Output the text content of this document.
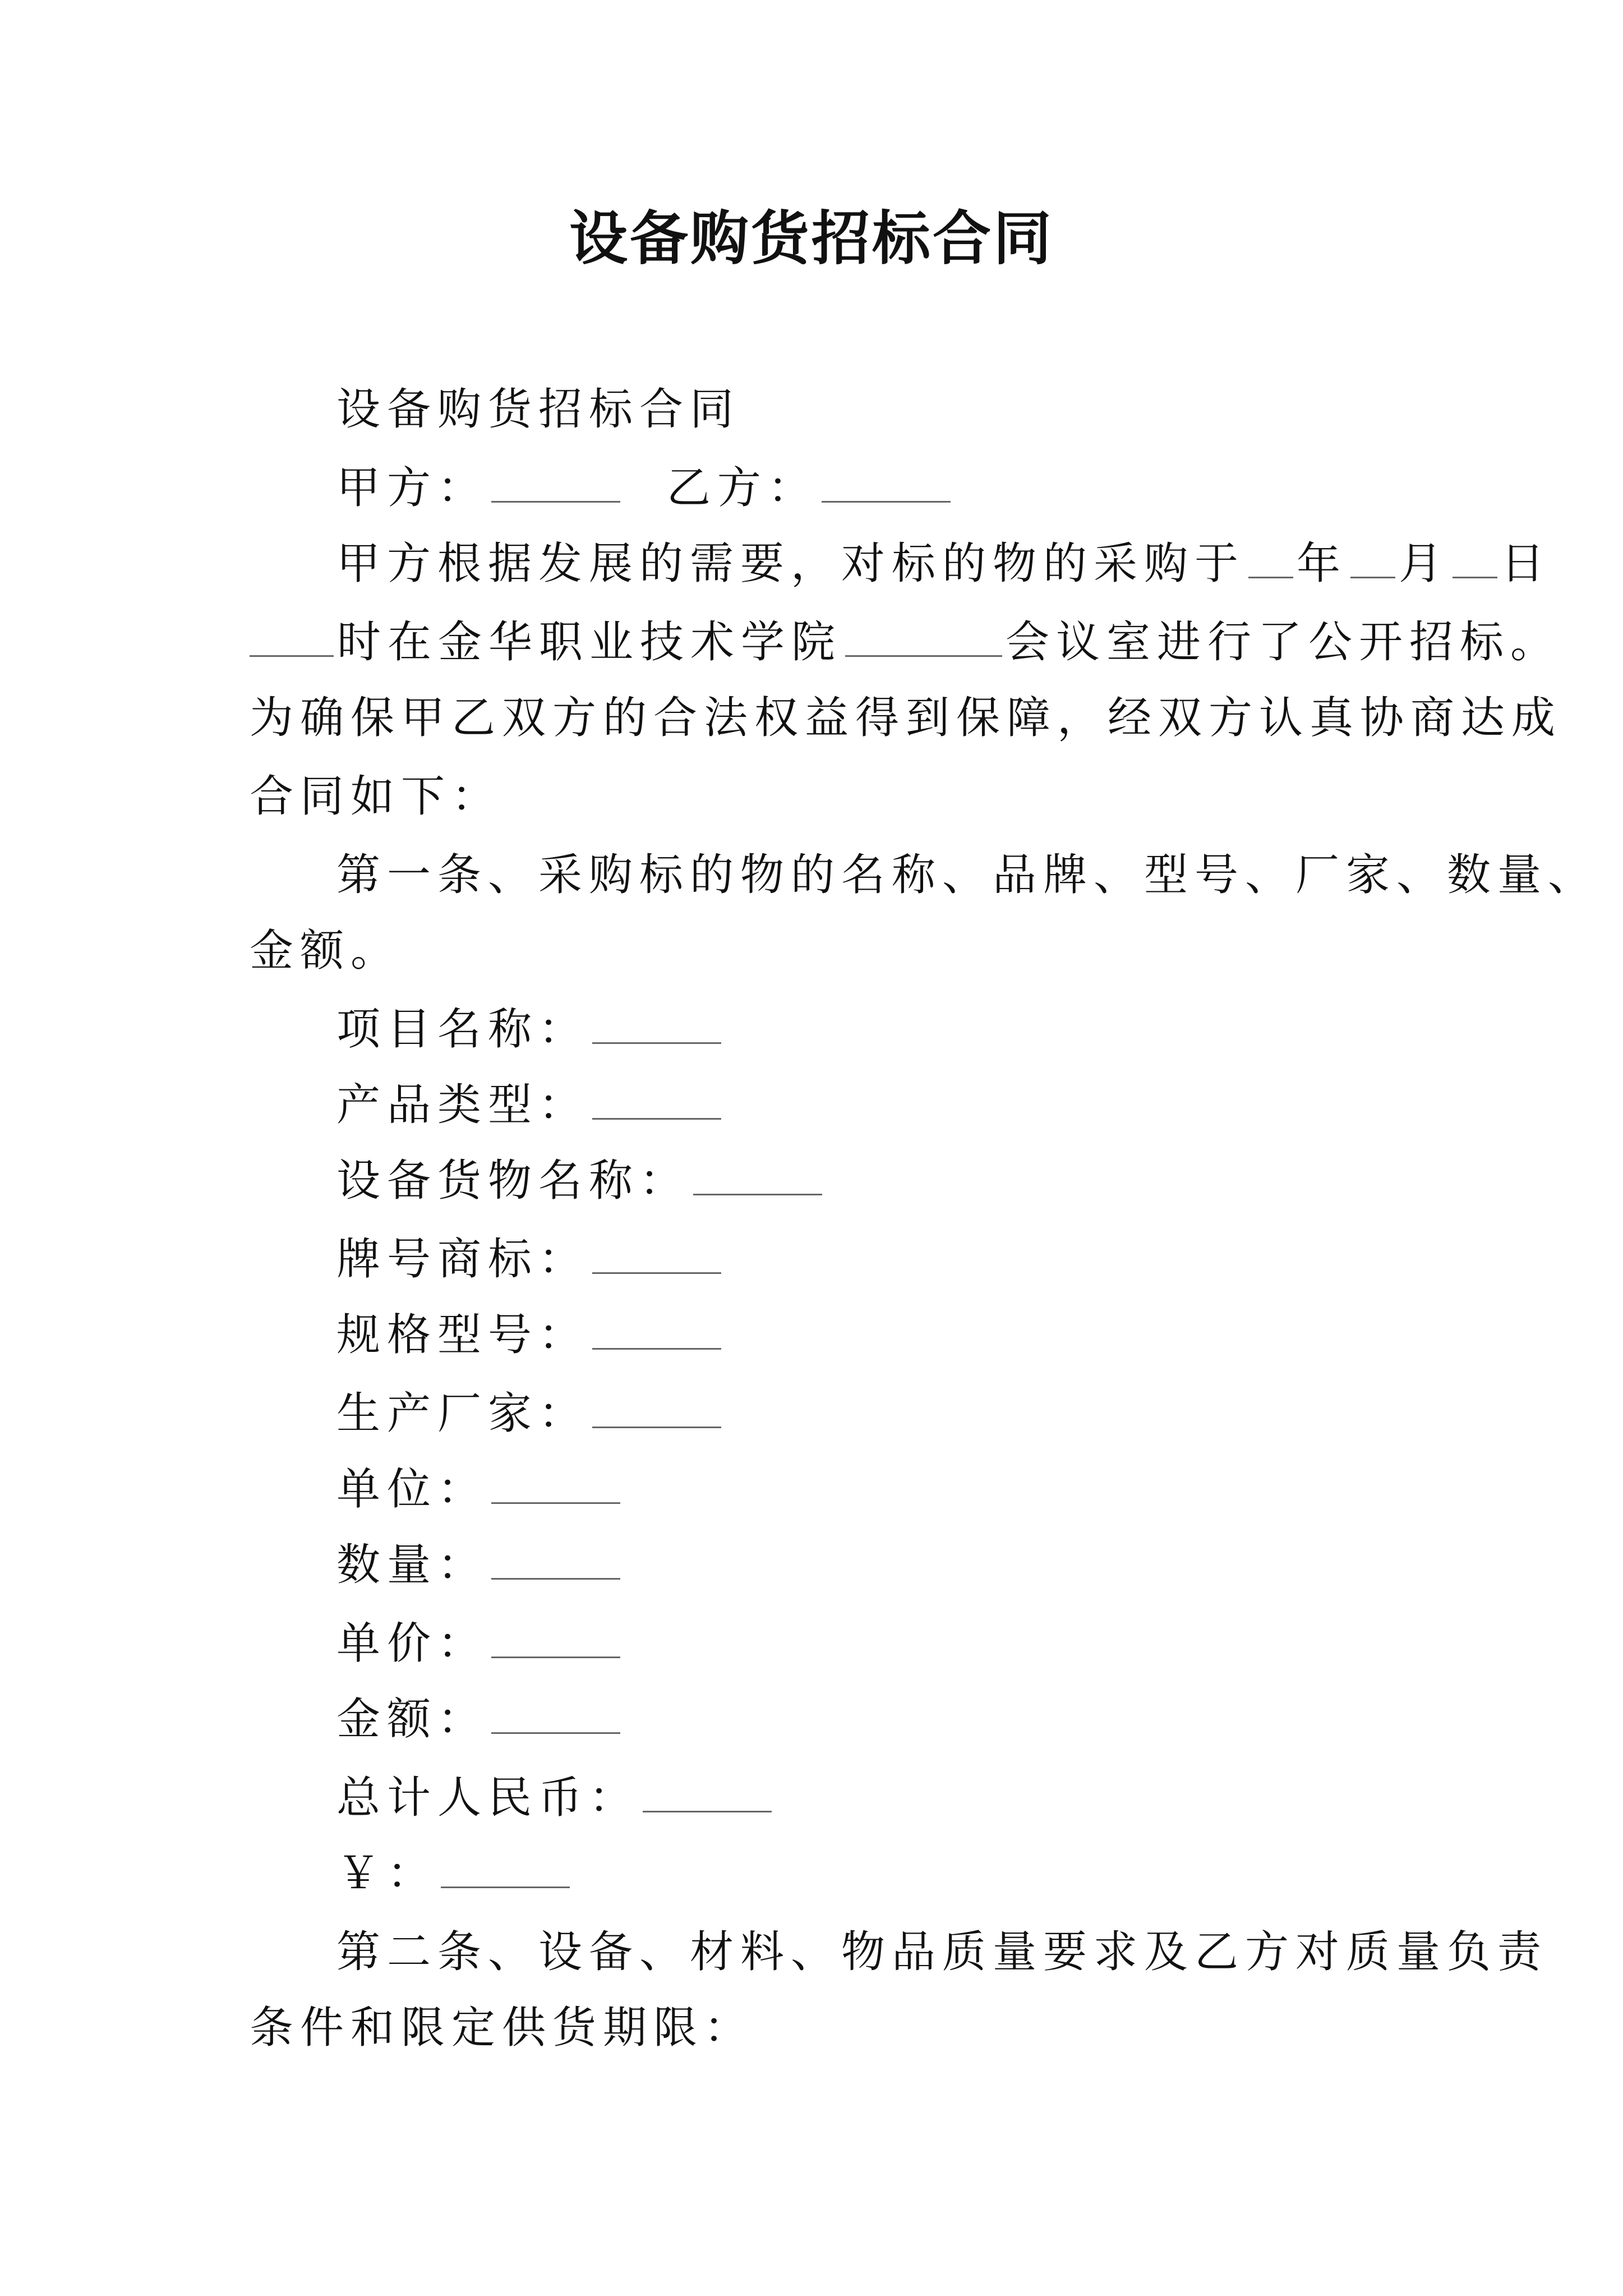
设备购货招标合同
设备购货招标合同
甲方：	乙方：
甲方根据发展的需要，对标的物的采购于 年 月 日
时在金华职业技术学院	会议室进行了公开招标。
为确保甲乙双方的合法权益得到保障，经双方认真协商达成
合同如下：
第一条、采购标的物的名称、品牌、型号、厂家、数量、
金额。
项目名称：
产品类型：
设备货物名称：
牌号商标：
规格型号：
生产厂家：
单位：
数量：
单价：
金额：
总计人民币：
￥：
第二条、设备、材料、物品质量要求及乙方对质量负责
条件和限定供货期限：
